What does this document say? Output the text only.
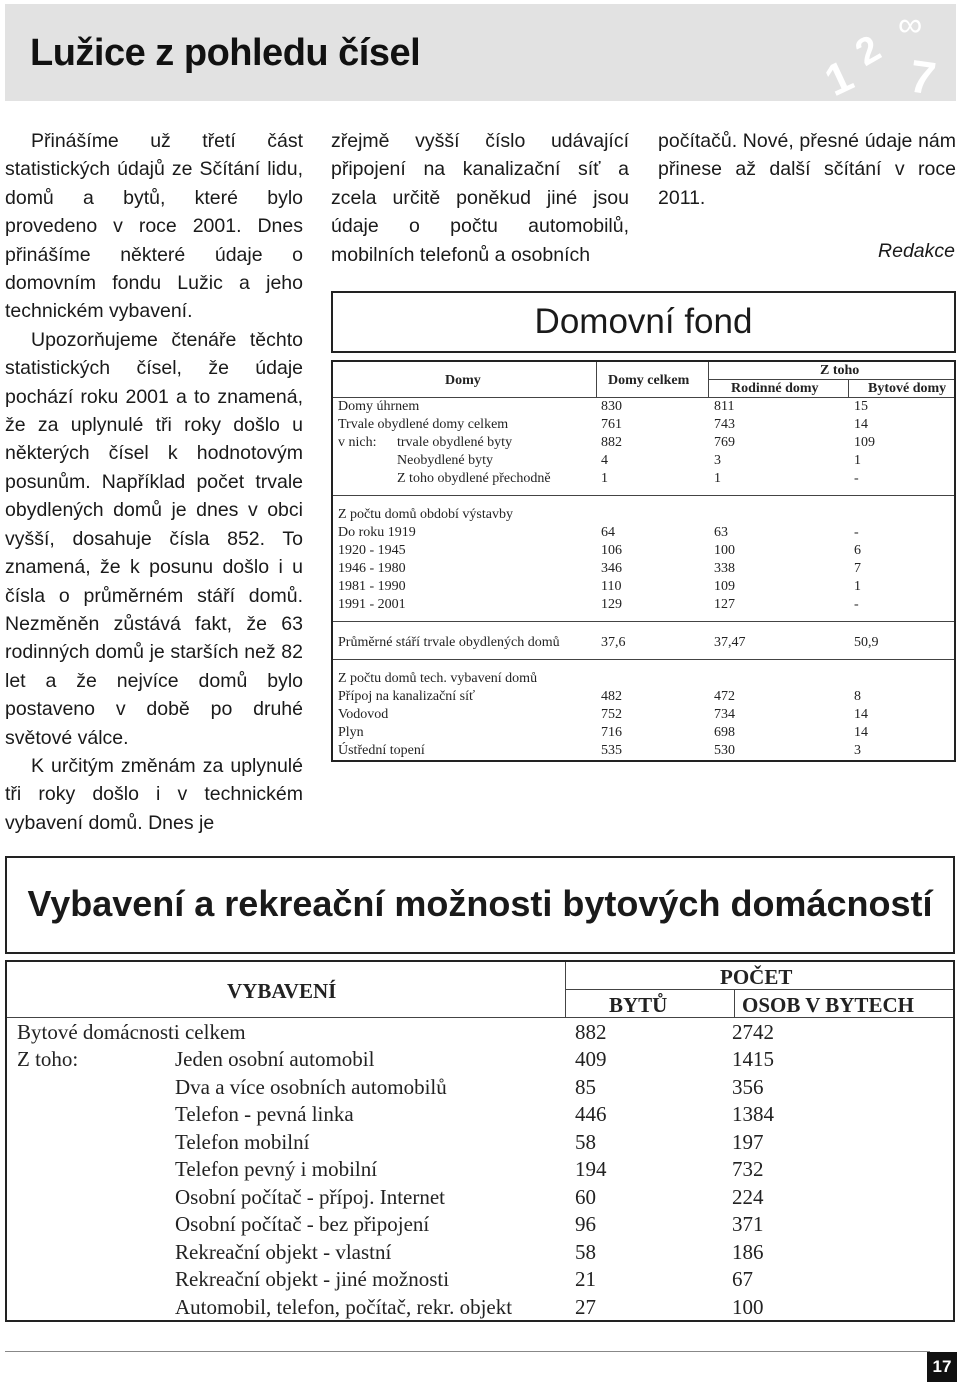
Lužice z pohledu čísel	1
2
∞
7

Přinášíme už třetí část statistických údajů ze Sčítání lidu, domů a bytů, které bylo provedeno v roce 2001. Dnes přinášíme některé údaje o domovním fondu Lužic a jeho technickém vybavení.

Upozorňujeme čtenáře těchto statistických čísel, že údaje pochází roku 2001 a to znamená, že za uplynulé tři roky došlo u některých čísel k hodnotovým posunům. Například počet trvale obydlených domů je dnes v obci vyšší, dosahuje čísla 852. To znamená, že k posunu došlo i u čísla o průměrném stáří domů. Nezměněn zůstává fakt, že 63 rodinných domů je starších než 82 let a že nejvíce domů bylo postaveno v době po druhé světové válce.

K určitým změnám za uplynulé tři roky došlo i v technickém vybavení domů. Dnes je

zřejmě vyšší číslo udávající připojení na kanalizační síť a zcela určitě poněkud jiné jsou údaje o počtu automobilů, mobilních telefonů a osobních

počítačů. Nové, přesné údaje nám přinese až další sčítání v roce 2011.

Redakce
Domovní fond
Domy	Domy celkem
Z toho
Rodinné domy	Bytové domy
Domy úhrnem	830	811	15
Trvale obydlené domy celkem	761	743	14
v nich: trvale obydlené byty	882	769	109
Neobydlené byty	4	3	1
Z toho obydlené přechodně	1	1	-
Z počtu domů období výstavby
Do roku 1919	64	63	-
1920 - 1945	106	100	6
1946 - 1980	346	338	7
1981 - 1990	110	109	1
1991 - 2001	129	127	-
Průměrné stáří trvale obydlených domů	37,6	37,47	50,9
Z počtu domů tech. vybavení domů
Přípoj na kanalizační síť	482	472	8
Vodovod	752	734	14
Plyn	716	698	14
Ústřední topení	535	530	3
Vybavení a rekreační možnosti bytových domácností
VYBAVENÍ
POČET
BYTŮ	OSOB V BYTECH
Bytové domácnosti celkem	882	2742
Z toho:	Jeden osobní automobil	409	1415
Dva a více osobních automobilů	85	356
Telefon - pevná linka	446	1384
Telefon mobilní	58	197
Telefon pevný i mobilní	194	732
Osobní počítač - přípoj. Internet	60	224
Osobní počítač - bez připojení	96	371
Rekreační objekt - vlastní	58	186
Rekreační objekt - jiné možnosti	21	67
Automobil, telefon, počítač, rekr. objekt	27	100
17
